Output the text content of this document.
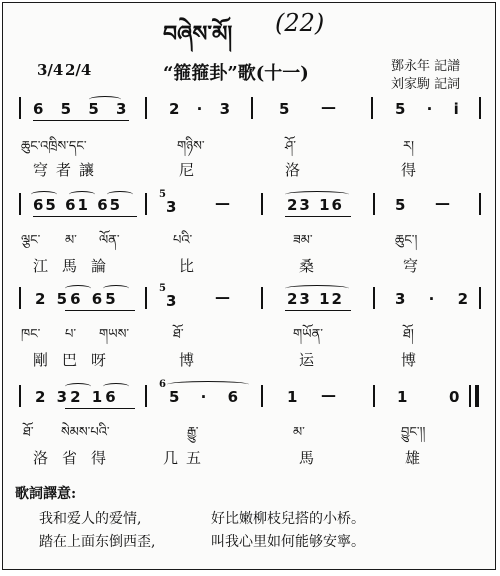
བཞེས་མོ། (22)
3/4 2/4	“箍箍卦”歌(十一)	鄧永年 記譜
刘家駒 記詞
6 5 5 3 2 · 3	5 —	5 · i
ཆུང་འཁྲིས་དང་	གཉིས་	ཤོ་	ར།
穹者讓	尼	洛	得
65 61 65
5
3	—	23 16	5 —
ལྕང་ མ་ ལོན་	པའི་	ཟམ་	ཆུང་།
江馬論	比	桑	穹
2 56 65
5
3	—	23 12	3 · 2
ཁང་ པ་ གཡས་	ཐོ་	གཡོན་	ཐོ།
剛巴呀	博	运	博
2 32 16
6
5 · 6	1 —	1	0
ཐོ་ སེམས་པའི་	རྒྱུ་	མ་	བྱུང་།།
洛省得	几五	馬	雄
歌詞譯意:
我和爱人的爱情,	好比嫩柳枝兒搭的小桥。
踏在上面东倒西歪,	叫我心里如何能够安寧。
